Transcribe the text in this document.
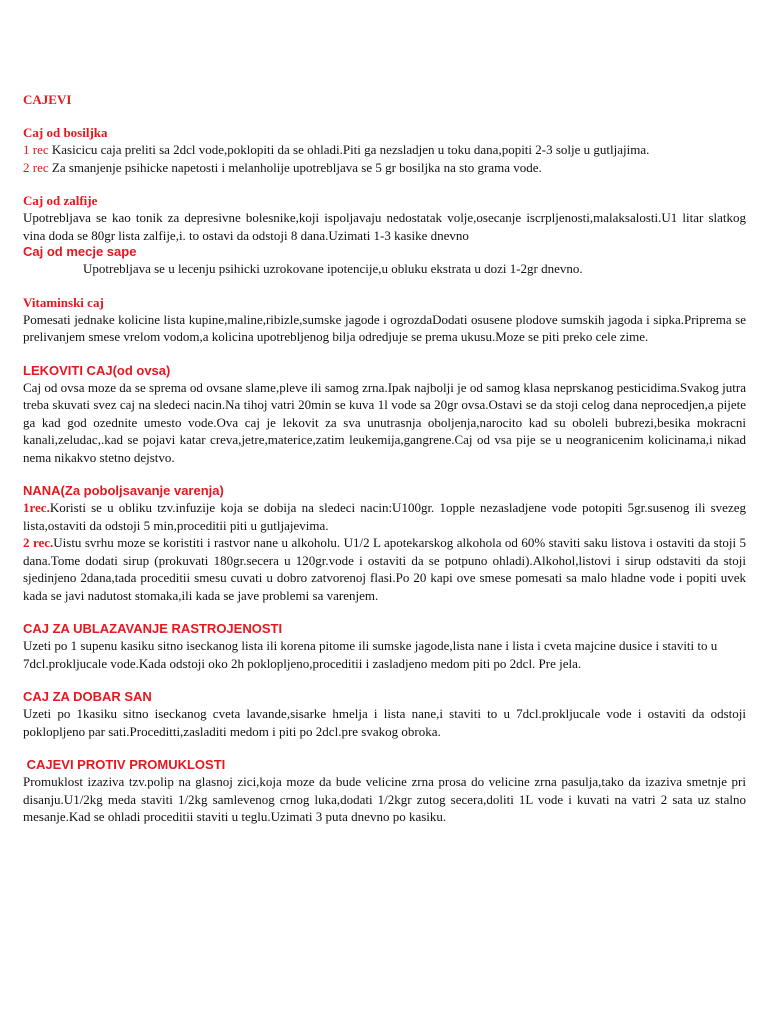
CAJEVI
Caj od bosiljka

1 rec Kasicicu caja preliti sa 2dcl vode,poklopiti da se ohladi.Piti ga nezsladjen u toku dana,popiti 2-3 solje u gutljajima.

2 rec Za smanjenje psihicke napetosti i melanholije upotrebljava se 5 gr bosiljka na sto grama vode.

Caj od zalfije

Upotrebljava se kao tonik za depresivne bolesnike,koji ispoljavaju nedostatak volje,osecanje iscrpljenosti,malaksalosti.U1 litar slatkog vina doda se 80gr lista zalfije,i. to ostavi da odstoji 8 dana.Uzimati 1-3 kasike dnevno

Caj od mecje sape

Upotrebljava se u lecenju psihicki uzrokovane ipotencije,u obluku ekstrata u dozi 1-2gr dnevno.

Vitaminski caj

Pomesati jednake kolicine lista kupine,maline,ribizle,sumske jagode i ogrozdaDodati osusene plodove sumskih jagoda i sipka.Priprema se prelivanjem smese vrelom vodom,a kolicina upotrebljenog bilja odredjuje se prema ukusu.Moze se piti preko cele zime.

LEKOVITI CAJ(od ovsa)

Caj od ovsa moze da se sprema od ovsane slame,pleve ili samog zrna.Ipak najbolji je od samog klasa neprskanog pesticidima.Svakog jutra treba skuvati svez caj na sledeci nacin.Na tihoj vatri 20min se kuva 1l vode sa 20gr ovsa.Ostavi se da stoji celog dana neprocedjen,a pijete ga kad god ozednite umesto vode.Ova caj je lekovit za sva unutrasnja oboljenja,narocito kad su oboleli bubrezi,besika mokracni kanali,zeludac,.kad se pojavi katar creva,jetre,materice,zatim leukemija,gangrene.Caj od vsa pije se u neogranicenim kolicinama,i nikad nema nikakvo stetno dejstvo.

NANA(Za poboljsavanje varenja)

1rec.Koristi se u obliku tzv.infuzije koja se dobija na sledeci nacin:U100gr. 1opple nezasladjene vode potopiti 5gr.susenog ili svezeg lista,ostaviti da odstoji 5 min,proceditii piti u gutljajevima.

2 rec.Uistu svrhu moze se koristiti i rastvor nane u alkoholu. U1/2 L apotekarskog alkohola od 60% staviti saku listova i ostaviti da stoji 5 dana.Tome dodati sirup (prokuvati 180gr.secera u 120gr.vode i ostaviti da se potpuno ohladi).Alkohol,listovi i sirup odstaviti da stoji sjedinjeno 2dana,tada proceditii smesu cuvati u dobro zatvorenoj flasi.Po 20 kapi ove smese pomesati sa malo hladne vode i popiti uvek kada se javi nadutost stomaka,ili kada se jave problemi sa varenjem.

CAJ ZA UBLAZAVANJE RASTROJENOSTI

Uzeti po 1 supenu kasiku sitno iseckanog lista ili korena pitome ili sumske jagode,lista nane i lista i cveta majcine dusice i staviti to u 7dcl.prokljucale vode.Kada odstoji oko 2h poklopljeno,proceditii i zasladjeno medom piti po 2dcl. Pre jela.

CAJ ZA DOBAR SAN

Uzeti po 1kasiku sitno iseckanog cveta lavande,sisarke hmelja i lista nane,i staviti to u 7dcl.prokljucale vode i ostaviti da odstoji poklopljeno par sati.Proceditti,zasladiti medom i piti po 2dcl.pre svakog obroka.

CAJEVI PROTIV PROMUKLOSTI

Promuklost izaziva tzv.polip na glasnoj zici,koja moze da bude velicine zrna prosa do velicine zrna pasulja,tako da izaziva smetnje pri disanju.U1/2kg meda staviti 1/2kg samlevenog crnog luka,dodati 1/2kgr zutog secera,doliti 1L vode i kuvati na vatri 2 sata uz stalno mesanje.Kad se ohladi proceditii staviti u teglu.Uzimati 3 puta dnevno po kasiku.
